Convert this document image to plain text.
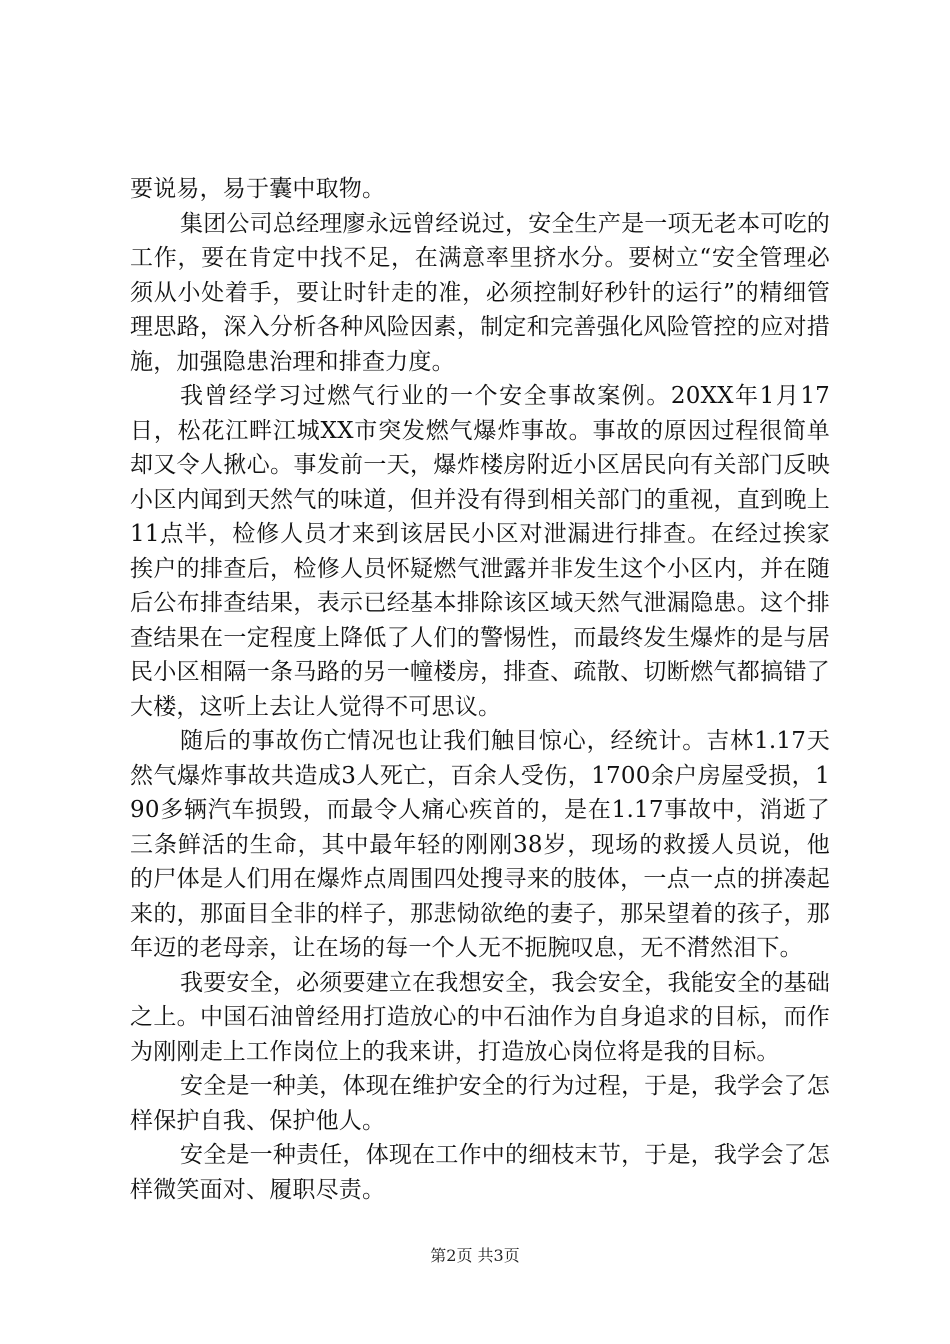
要说易，易于囊中取物。

集团公司总经理廖永远曾经说过，安全生产是一项无老本可吃的工作，要在肯定中找不足，在满意率里挤水分。要树立“安全管理必须从小处着手，要让时针走的准，必须控制好秒针的运行”的精细管理思路，深入分析各种风险因素，制定和完善强化风险管控的应对措施，加强隐患治理和排查力度。

我曾经学习过燃气行业的一个安全事故案例。20XX年1月17日，松花江畔江城XX市突发燃气爆炸事故。事故的原因过程很简单却又令人揪心。事发前一天，爆炸楼房附近小区居民向有关部门反映小区内闻到天然气的味道，但并没有得到相关部门的重视，直到晚上11点半，检修人员才来到该居民小区对泄漏进行排查。在经过挨家挨户的排查后，检修人员怀疑燃气泄露并非发生这个小区内，并在随后公布排查结果，表示已经基本排除该区域天然气泄漏隐患。这个排查结果在一定程度上降低了人们的警惕性，而最终发生爆炸的是与居民小区相隔一条马路的另一幢楼房，排查、疏散、切断燃气都搞错了大楼，这听上去让人觉得不可思议。

随后的事故伤亡情况也让我们触目惊心，经统计。吉林1.17天然气爆炸事故共造成3人死亡，百余人受伤，1700余户房屋受损，190多辆汽车损毁，而最令人痛心疾首的，是在1.17事故中，消逝了三条鲜活的生命，其中最年轻的刚刚38岁，现场的救援人员说，他的尸体是人们用在爆炸点周围四处搜寻来的肢体，一点一点的拼凑起来的，那面目全非的样子，那悲恸欲绝的妻子，那呆望着的孩子，那年迈的老母亲，让在场的每一个人无不扼腕叹息，无不潸然泪下。

我要安全，必须要建立在我想安全，我会安全，我能安全的基础之上。中国石油曾经用打造放心的中石油作为自身追求的目标，而作为刚刚走上工作岗位上的我来讲，打造放心岗位将是我的目标。

安全是一种美，体现在维护安全的行为过程，于是，我学会了怎样保护自我、保护他人。

安全是一种责任，体现在工作中的细枝末节，于是，我学会了怎样微笑面对、履职尽责。

第2页 共3页
